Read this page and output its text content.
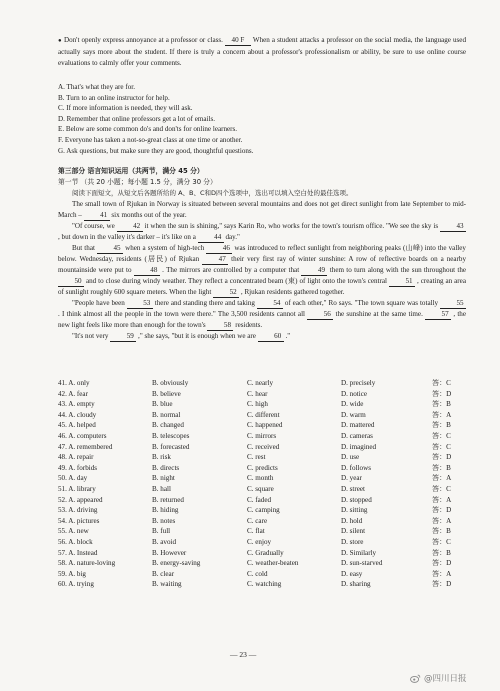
● Don't openly express annoyance at a professor or class. 40 F When a student attacks a professor on the social media, the language used actually says more about the student. If there is truly a concern about a professor's professionalism or ability, be sure to use online course evaluations to calmly offer your comments.

A. That's what they are for.
B. Turn to an online instructor for help.
C. If more information is needed, they will ask.
D. Remember that online professors get a lot of emails.
E. Below are some common do's and don'ts for online learners.
F. Everyone has taken a not-so-great class at one time or another.
G. Ask questions, but make sure they are good, thoughtful questions.
第三部分 语言知识运用（共两节，满分 45 分）
第一节 （共 20 小题；每小题 1.5 分，满分 30 分）
阅读下面短文，从短文后各题所给的 A、B、C和D四个选项中，选出可以填入空白处的最佳选项。

The small town of Rjukan in Norway is situated between several mountains and does not get direct sunlight from late September to mid-March –	41 six months out of the year.

"Of course, we	42 it when the sun is shining," says Karin Ro, who works for the town's tourism office. "We see the sky is	43 , but down in the valley it's darker – it's like on a	44 day."

But that	45 when a system of high-tech	46 was introduced to reflect sunlight from neighboring peaks (山峰) into the valley below. Wednesday, residents (居民) of Rjukan	47 their very first ray of winter sunshine: A row of reflective boards on a nearby mountainside were put to	48 . The mirrors are controlled by a computer that	49 them to turn along with the sun throughout the 50 and to close during windy weather. They reflect a concentrated beam (束) of light onto the town's central	51 , creating an area of sunlight roughly 600 square meters. When the light	52 , Rjukan residents gathered together.

"People have been	53 there and standing there and taking	54 of each other," Ro says. "The town square was totally	55 . I think almost all the people in the town were there." The 3,500 residents cannot all	56 the sunshine at the same time.	57 , the new light feels like more than enough for the town's	58 residents.

"It's not very	59 ," she says, "but it is enough when we are	60 ."

41. A. only	B. obviously	C. nearly	D. precisely	答：C
42. A. fear	B. believe	C. hear	D. notice	答：D
43. A. empty	B. blue	C. high	D. wide	答：B
44. A. cloudy	B. normal	C. different	D. warm	答：A
45. A. helped	B. changed	C. happened	D. mattered	答：B
46. A. computers	B. telescopes	C. mirrors	D. cameras	答：C
47. A. remembered	B. forecasted	C. received	D. imagined	答：C
48. A. repair	B. risk	C. rest	D. use	答：D
49. A. forbids	B. directs	C. predicts	D. follows	答：B
50. A. day	B. night	C. month	D. year	答：A
51. A. library	B. hall	C. square	D. street	答：C
52. A. appeared	B. returned	C. faded	D. stopped	答：A
53. A. driving	B. hiding	C. camping	D. sitting	答：D
54. A. pictures	B. notes	C. care	D. hold	答：A
55. A. new	B. full	C. flat	D. silent	答：B
56. A. block	B. avoid	C. enjoy	D. store	答：C
57. A. Instead	B. However	C. Gradually	D. Similarly	答：B
58. A. nature-loving	B. energy-saving	C. weather-beaten	D. sun-starved	答：D
59. A. big	B. clear	C. cold	D. easy	答：A
60. A. trying	B. waiting	C. watching	D. sharing	答：D
— 23 —
@四川日报
